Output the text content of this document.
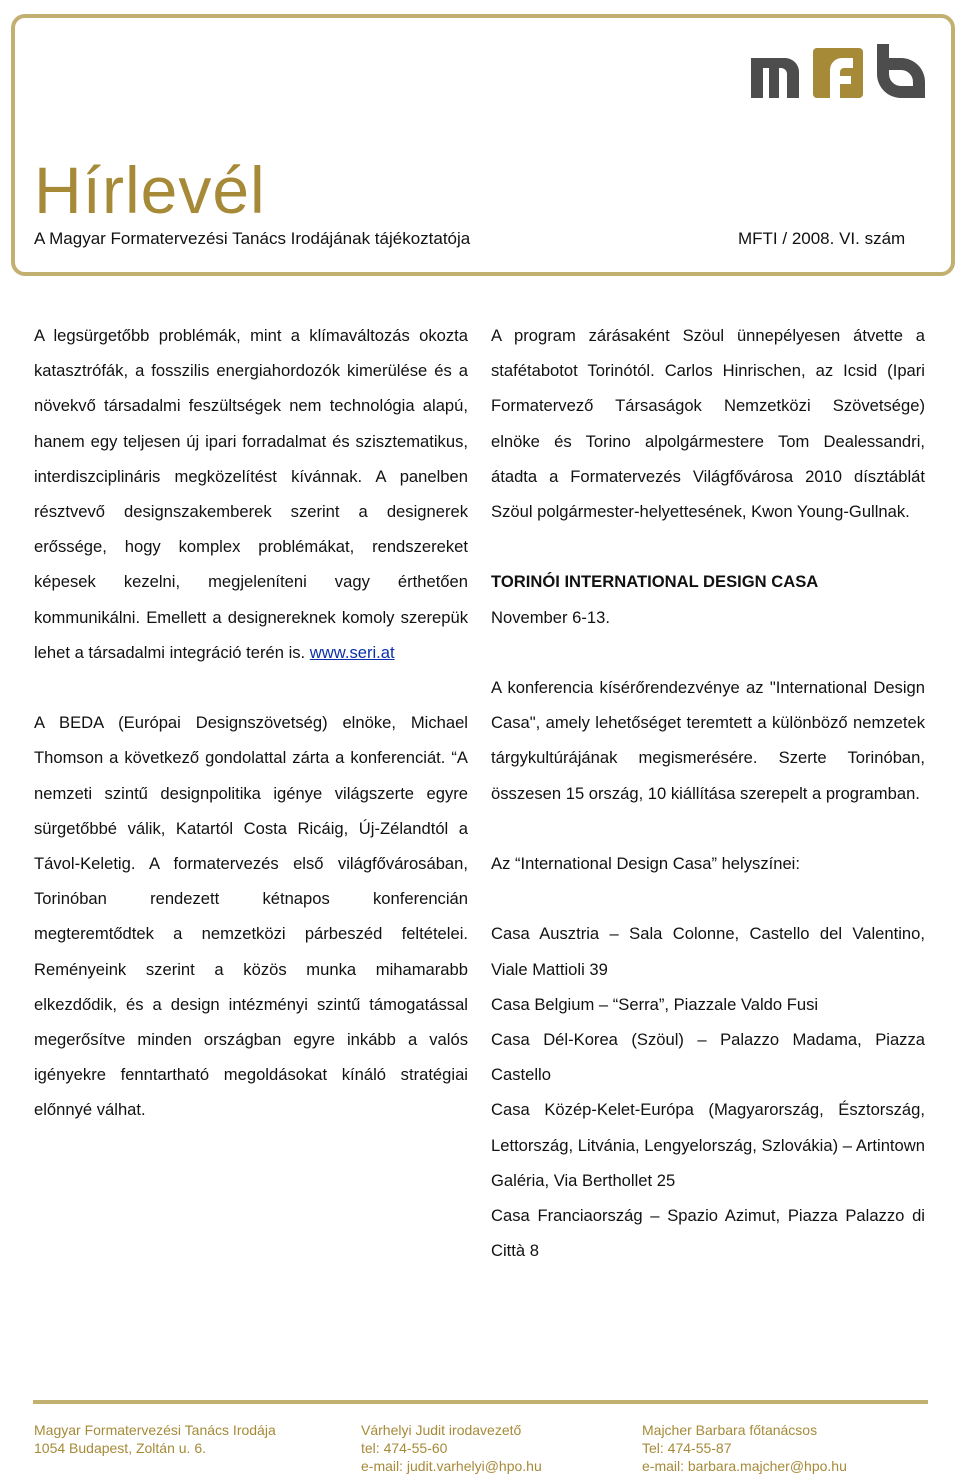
Hírlevél
A Magyar Formatervezési Tanács Irodájának tájékoztatója	MFTI / 2008. VI. szám

A legsürgetőbb problémák, mint a klímaváltozás okozta katasztrófák, a fosszilis energiahordozók kimerülése és a növekvő társadalmi feszültségek nem technológia alapú, hanem egy teljesen új ipari forradalmat és szisztematikus, interdiszciplináris megközelítést kívánnak. A panelben résztvevő designszakemberek szerint a designerek erőssége, hogy komplex problémákat, rendszereket képesek kezelni, megjeleníteni vagy érthetően kommunikálni. Emellett a designereknek komoly szerepük lehet a társadalmi integráció terén is. www.seri.at

A BEDA (Európai Designszövetség) elnöke, Michael Thomson a következő gondolattal zárta a konferenciát. “A nemzeti szintű designpolitika igénye világszerte egyre sürgetőbbé válik, Katartól Costa Ricáig, Új-Zélandtól a Távol-Keletig. A formatervezés első világfővárosában, Torinóban rendezett kétnapos konferencián megteremtődtek a nemzetközi párbeszéd feltételei. Reményeink szerint a közös munka mihamarabb elkezdődik, és a design intézményi szintű támogatással megerősítve minden országban egyre inkább a valós igényekre fenntartható megoldásokat kínáló stratégiai előnnyé válhat.

A program zárásaként Szöul ünnepélyesen átvette a stafétabotot Torinótól. Carlos Hinrischen, az Icsid (Ipari Formatervező Társaságok Nemzetközi Szövetsége) elnöke és Torino alpolgármestere Tom Dealessandri, átadta a Formatervezés Világfővárosa 2010 dísztáblát Szöul polgármester-helyettesének, Kwon Young-Gullnak.

TORINÓI INTERNATIONAL DESIGN CASA

November 6-13.

A konferencia kísérőrendezvénye az "International Design Casa", amely lehetőséget teremtett a különböző nemzetek tárgykultúrájának megismerésére. Szerte Torinóban, összesen 15 ország, 10 kiállítása szerepelt a programban.

Az “International Design Casa” helyszínei:

Casa Ausztria – Sala Colonne, Castello del Valentino, Viale Mattioli 39

Casa Belgium – “Serra”, Piazzale Valdo Fusi

Casa Dél-Korea (Szöul) – Palazzo Madama, Piazza Castello

Casa Közép-Kelet-Európa (Magyarország, Észtország, Lettország, Litvánia, Lengyelország, Szlovákia) – Artintown Galéria, Via Berthollet 25

Casa Franciaország – Spazio Azimut, Piazza Palazzo di Città 8

Magyar Formatervezési Tanács Irodája
1054 Budapest, Zoltán u. 6.
Várhelyi Judit irodavezető
tel: 474-55-60
e-mail: judit.varhelyi@hpo.hu
Majcher Barbara főtanácsos
Tel: 474-55-87
e-mail: barbara.majcher@hpo.hu
